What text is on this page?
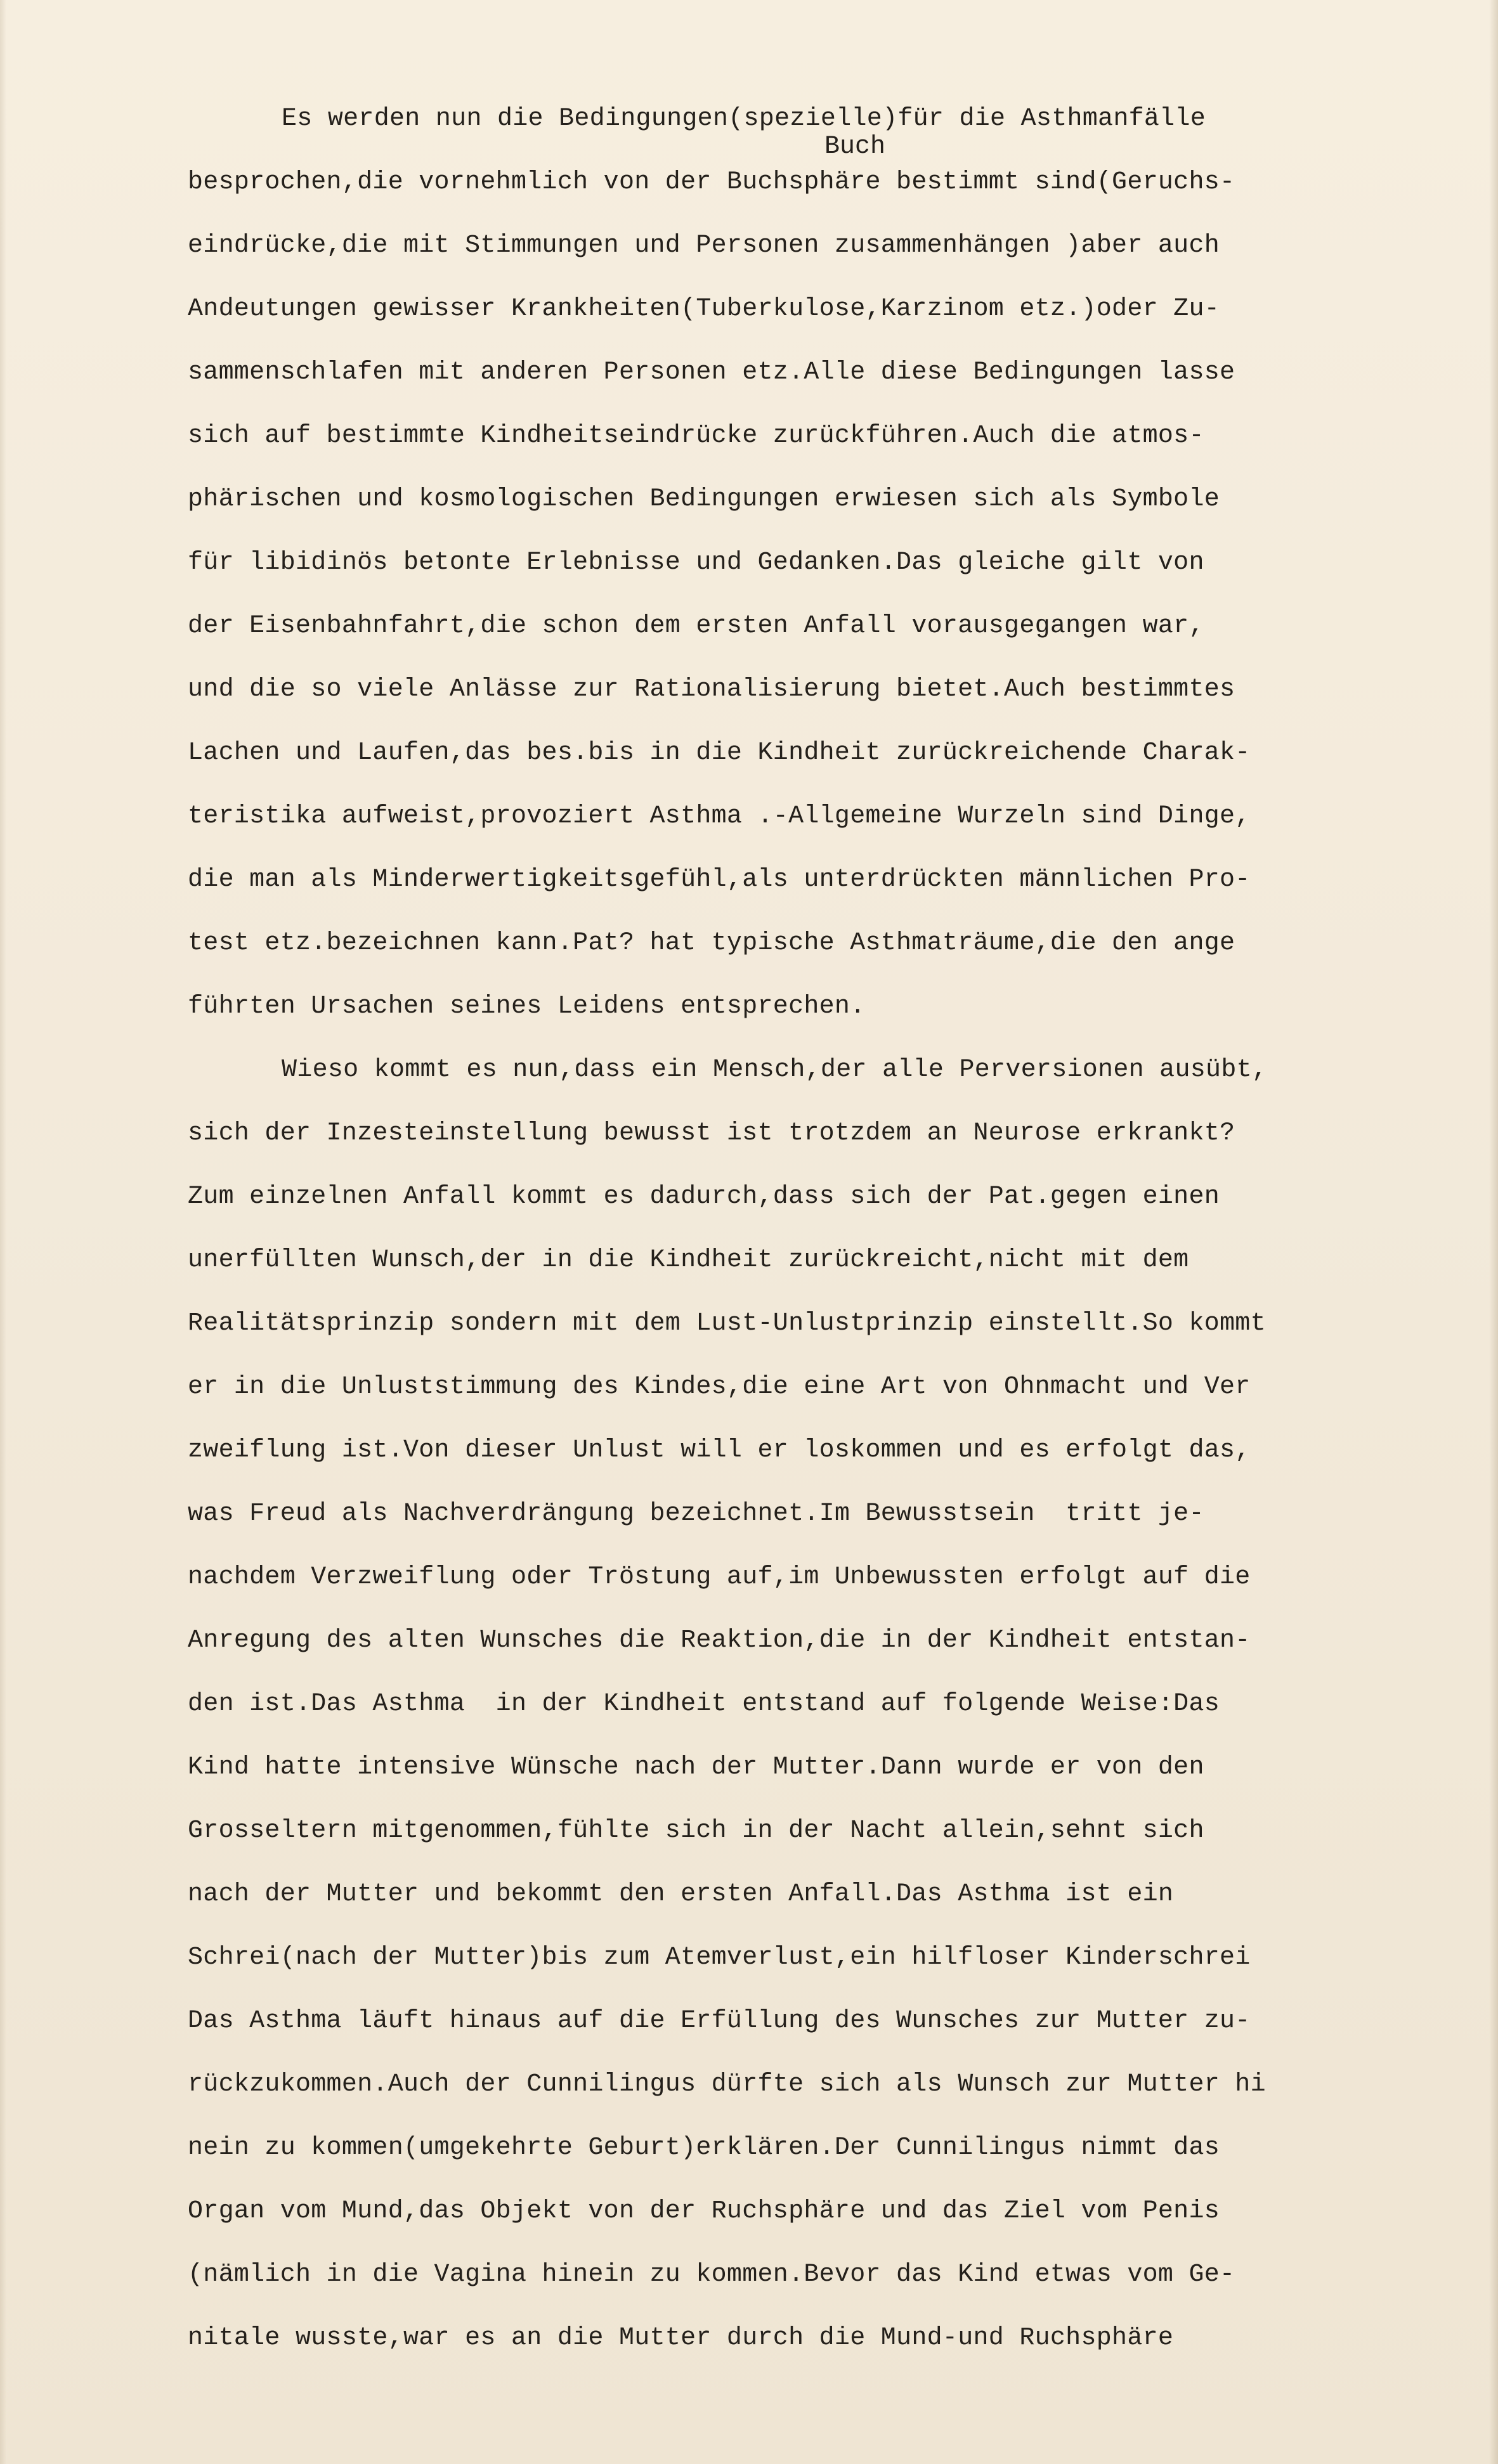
Buch
Es werden nun die Bedingungen(spezielle)für die Asthmanfälle
besprochen,die vornehmlich von der Buchsphäre bestimmt sind(Geruchs-
eindrücke,die mit Stimmungen und Personen zusammenhängen )aber auch
Andeutungen gewisser Krankheiten(Tuberkulose,Karzinom etz.)oder Zu-
sammenschlafen mit anderen Personen etz.Alle diese Bedingungen lasse
sich auf bestimmte Kindheitseindrücke zurückführen.Auch die atmos-
phärischen und kosmologischen Bedingungen erwiesen sich als Symbole
für libidinös betonte Erlebnisse und Gedanken.Das gleiche gilt von
der Eisenbahnfahrt,die schon dem ersten Anfall vorausgegangen war,
und die so viele Anlässe zur Rationalisierung bietet.Auch bestimmtes
Lachen und Laufen,das bes.bis in die Kindheit zurückreichende Charak-
teristika aufweist,provoziert Asthma .-Allgemeine Wurzeln sind Dinge,
die man als Minderwertigkeitsgefühl,als unterdrückten männlichen Pro-
test etz.bezeichnen kann.Pat? hat typische Asthmaträume,die den ange
führten Ursachen seines Leidens entsprechen.
Wieso kommt es nun,dass ein Mensch,der alle Perversionen ausübt,
sich der Inzesteinstellung bewusst ist trotzdem an Neurose erkrankt?
Zum einzelnen Anfall kommt es dadurch,dass sich der Pat.gegen einen
unerfüllten Wunsch,der in die Kindheit zurückreicht,nicht mit dem
Realitätsprinzip sondern mit dem Lust-Unlustprinzip einstellt.So kommt
er in die Unluststimmung des Kindes,die eine Art von Ohnmacht und Ver
zweiflung ist.Von dieser Unlust will er loskommen und es erfolgt das,
was Freud als Nachverdrängung bezeichnet.Im Bewusstsein  tritt je-
nachdem Verzweiflung oder Tröstung auf,im Unbewussten erfolgt auf die
Anregung des alten Wunsches die Reaktion,die in der Kindheit entstan-
den ist.Das Asthma  in der Kindheit entstand auf folgende Weise:Das
Kind hatte intensive Wünsche nach der Mutter.Dann wurde er von den
Grosseltern mitgenommen,fühlte sich in der Nacht allein,sehnt sich
nach der Mutter und bekommt den ersten Anfall.Das Asthma ist ein
Schrei(nach der Mutter)bis zum Atemverlust,ein hilfloser Kinderschrei
Das Asthma läuft hinaus auf die Erfüllung des Wunsches zur Mutter zu-
rückzukommen.Auch der Cunnilingus dürfte sich als Wunsch zur Mutter hi
nein zu kommen(umgekehrte Geburt)erklären.Der Cunnilingus nimmt das
Organ vom Mund,das Objekt von der Ruchsphäre und das Ziel vom Penis
(nämlich in die Vagina hinein zu kommen.Bevor das Kind etwas vom Ge-
nitale wusste,war es an die Mutter durch die Mund-und Ruchsphäre
